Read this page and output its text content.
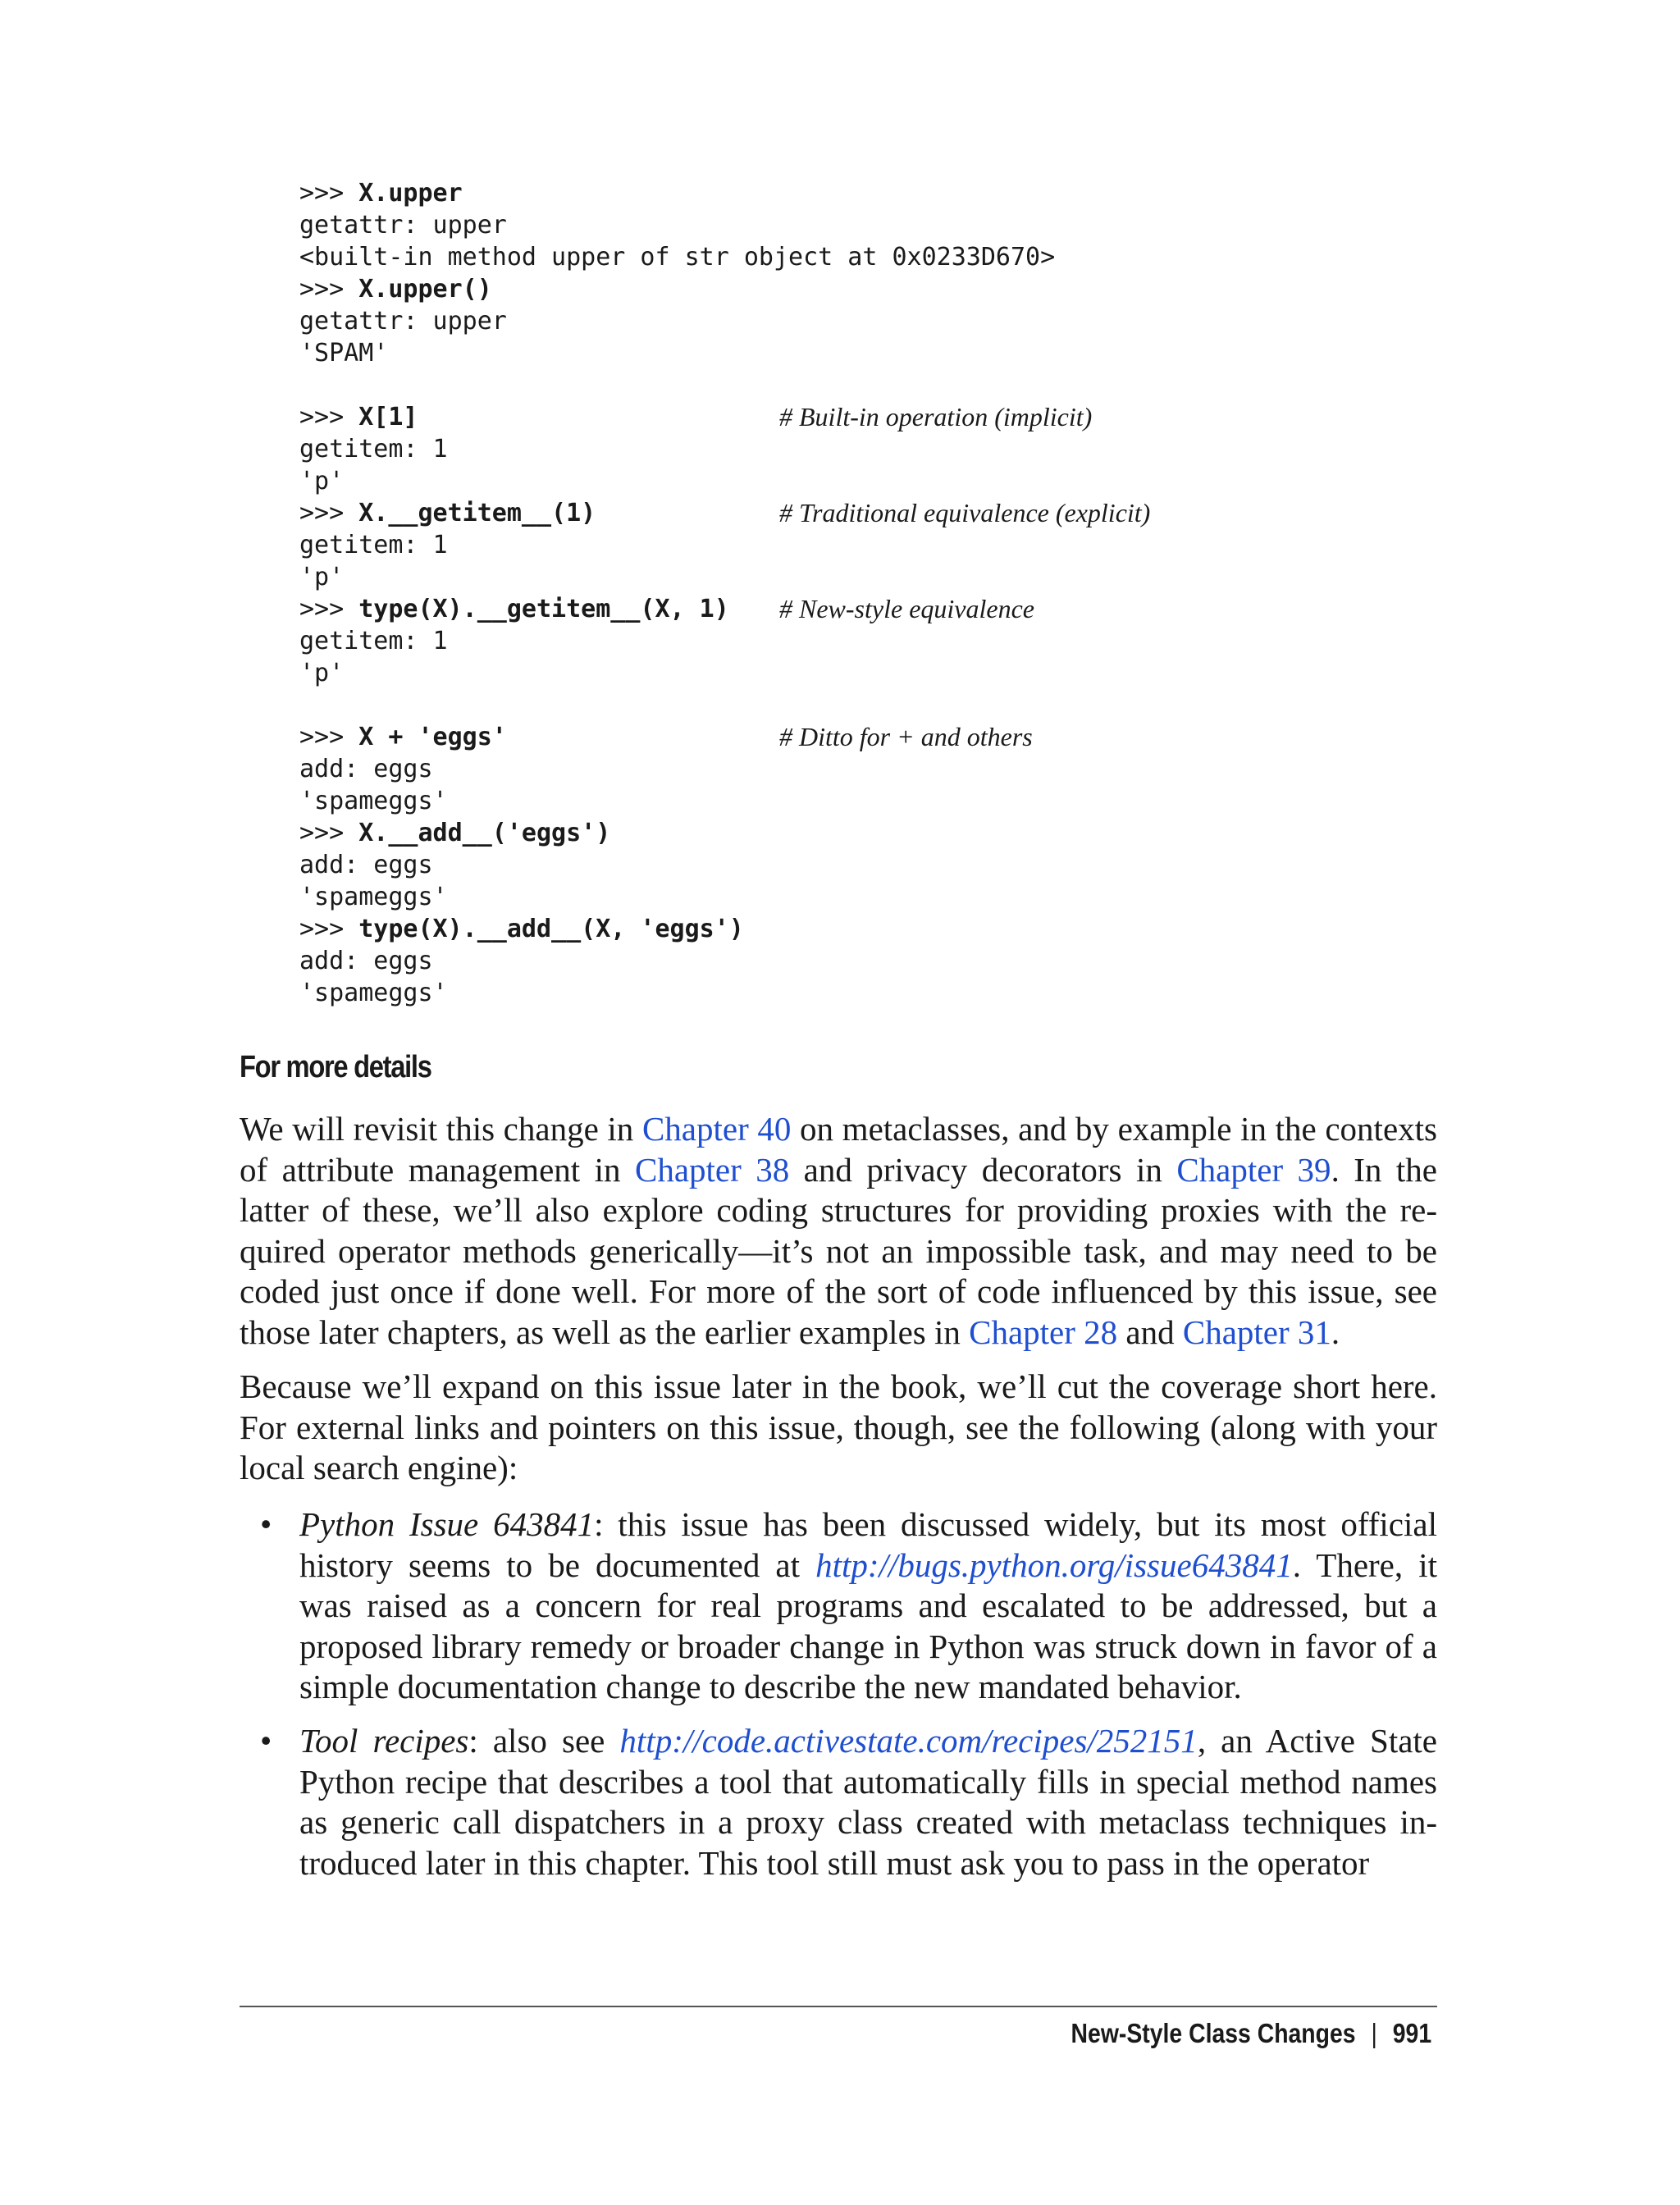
>>> X.upper
getattr: upper
<built-in method upper of str object at 0x0233D670>
>>> X.upper()
getattr: upper
'SPAM'

>>> X[1]	# Built-in operation (implicit)
getitem: 1
'p'
>>> X.__getitem__(1)	# Traditional equivalence (explicit)
getitem: 1
'p'
>>> type(X).__getitem__(X, 1) # New-style equivalence
getitem: 1
'p'

>>> X + 'eggs'	# Ditto for + and others
add: eggs
'spameggs'
>>> X.__add__('eggs')
add: eggs
'spameggs'
>>> type(X).__add__(X, 'eggs')
add: eggs
'spameggs'
For more details

We will revisit this change in Chapter 40 on metaclasses, and by example in the contexts of attribute management in Chapter 38 and privacy decorators in Chapter 39. In the latter of these, we’ll also explore coding structures for providing proxies with the re-quired operator methods generically—it’s not an impossible task, and may need to be coded just once if done well. For more of the sort of code influenced by this issue, see those later chapters, as well as the earlier examples in Chapter 28 and Chapter 31.

Because we’ll expand on this issue later in the book, we’ll cut the coverage short here. For external links and pointers on this issue, though, see the following (along with your local search engine):

• Python Issue 643841: this issue has been discussed widely, but its most official history seems to be documented at http://bugs.python.org/issue643841. There, it was raised as a concern for real programs and escalated to be addressed, but a proposed library remedy or broader change in Python was struck down in favor of a simple documentation change to describe the new mandated behavior.
• Tool recipes: also see http://code.activestate.com/recipes/252151, an Active State Python recipe that describes a tool that automatically fills in special method names as generic call dispatchers in a proxy class created with metaclass techniques in-troduced later in this chapter. This tool still must ask you to pass in the operator
New-Style Class Changes | 991
